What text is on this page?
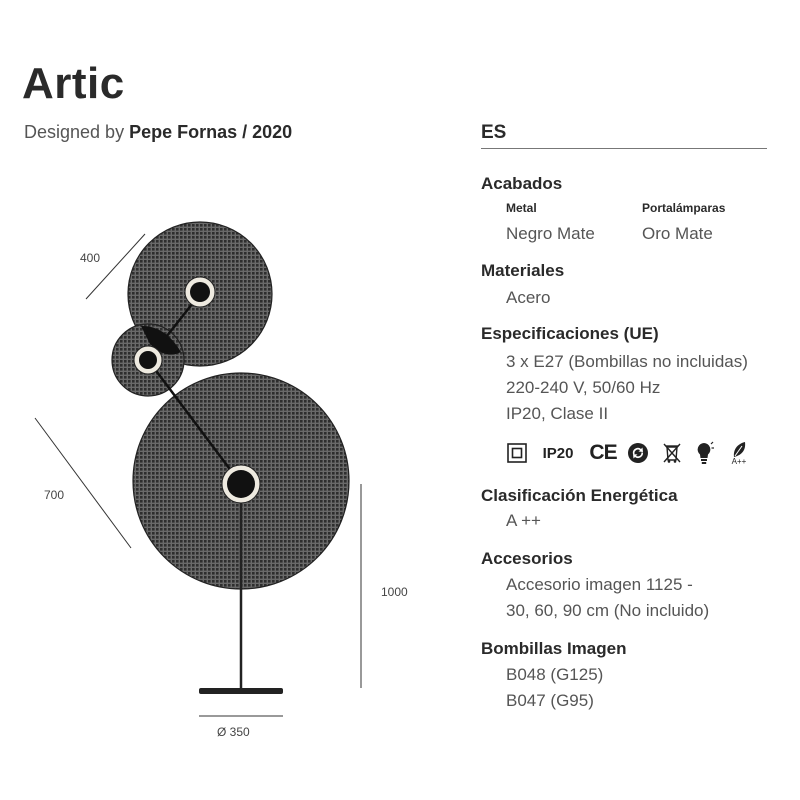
Artic
Designed by Pepe Fornas / 2020
400
700
1000
Ø 350
ES
Acabados
Metal	Portalámparas
Negro Mate	Oro Mate
Materiales
Acero
Especificaciones (UE)
3 x E27 (Bombillas no incluidas)
220-240 V, 50/60 Hz
IP20, Clase II
IP20 CE	A++
Clasificación Energética
A ++
Accesorios
Accesorio imagen 1125 -
30, 60, 90 cm (No incluido)
Bombillas Imagen
B048 (G125)
B047 (G95)
